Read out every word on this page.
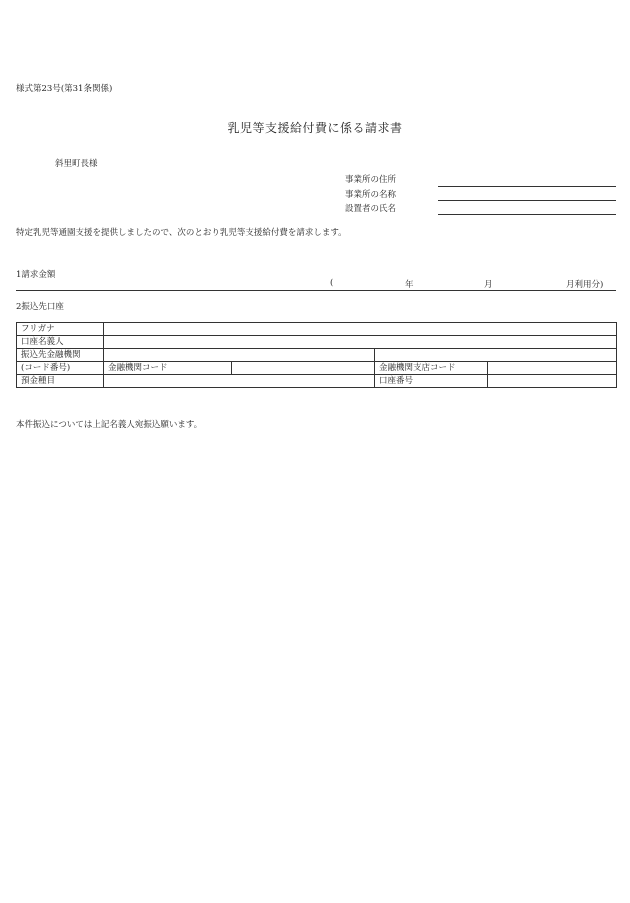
様式第23号(第31条関係)
乳児等支援給付費に係る請求書
斜里町長様
事業所の住所
事業所の名称
設置者の氏名
特定乳児等通園支援を提供しましたので、次のとおり乳児等支援給付費を請求します。
1請求金額
(	年	月	月利用分)
2振込先口座
フリガナ				
口座名義人				
振込先金融機関				
(コード番号)	金融機関コード		金融機関支店コード	
預金種目			口座番号	
本件振込については上記名義人宛振込願います。
